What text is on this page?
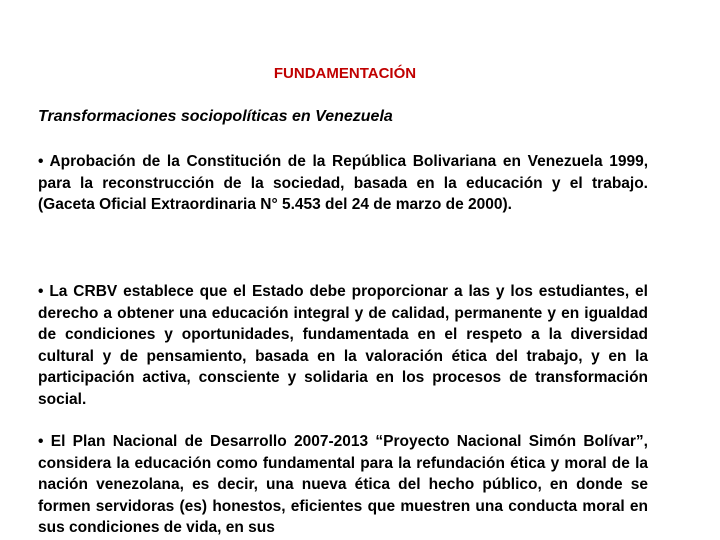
FUNDAMENTACIÓN
Transformaciones sociopolíticas en Venezuela

• Aprobación de la Constitución de la República Bolivariana en Venezuela 1999, para la reconstrucción de la sociedad, basada en la educación y el trabajo. (Gaceta Oficial Extraordinaria N° 5.453 del 24 de marzo de 2000).

• La CRBV establece que el Estado debe proporcionar a las y los estudiantes, el derecho a obtener una educación integral y de calidad, permanente y en igualdad de condiciones y oportunidades, fundamentada en el respeto a la diversidad cultural y de pensamiento, basada en la valoración ética del trabajo, y en la participación activa, consciente y solidaria en los procesos de transformación social.

• El Plan Nacional de Desarrollo 2007-2013 “Proyecto Nacional Simón Bolívar”, considera la educación como fundamental para la refundación ética y moral de la nación venezolana, es decir, una nueva ética del hecho público, en donde se formen servidoras (es) honestos, eficientes que muestren una conducta moral en sus condiciones de vida, en sus
